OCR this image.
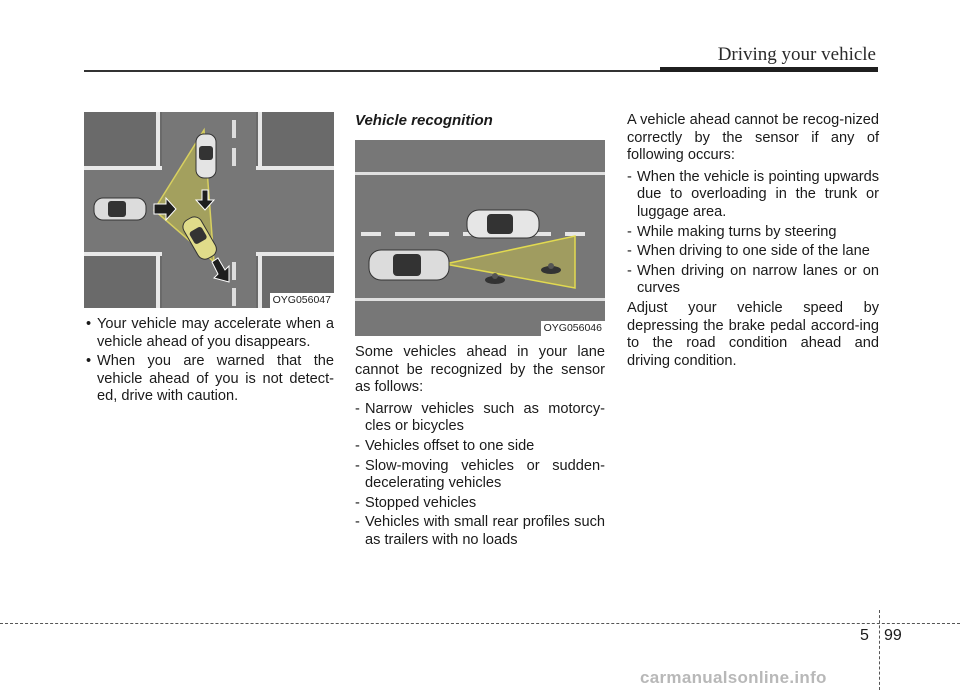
Driving your vehicle
OYG056047
• Your vehicle may accelerate when a vehicle ahead of you disappears.
• When you are warned that the vehicle ahead of you is not detect-ed, drive with caution.
Vehicle recognition
OYG056046

Some vehicles ahead in your lane cannot be recognized by the sensor as follows:

- Narrow vehicles such as motorcy-cles or bicycles
- Vehicles offset to one side
- Slow-moving vehicles or sudden-decelerating vehicles
- Stopped vehicles
- Vehicles with small rear profiles such as trailers with no loads

A vehicle ahead cannot be recog-nized correctly by the sensor if any of following occurs:

- When the vehicle is pointing upwards due to overloading in the trunk or luggage area.
- While making turns by steering
- When driving to one side of the lane
- When driving on narrow lanes or on curves

Adjust your vehicle speed by depressing the brake pedal accord-ing to the road condition ahead and driving condition.

5 99
carmanualsonline.info
